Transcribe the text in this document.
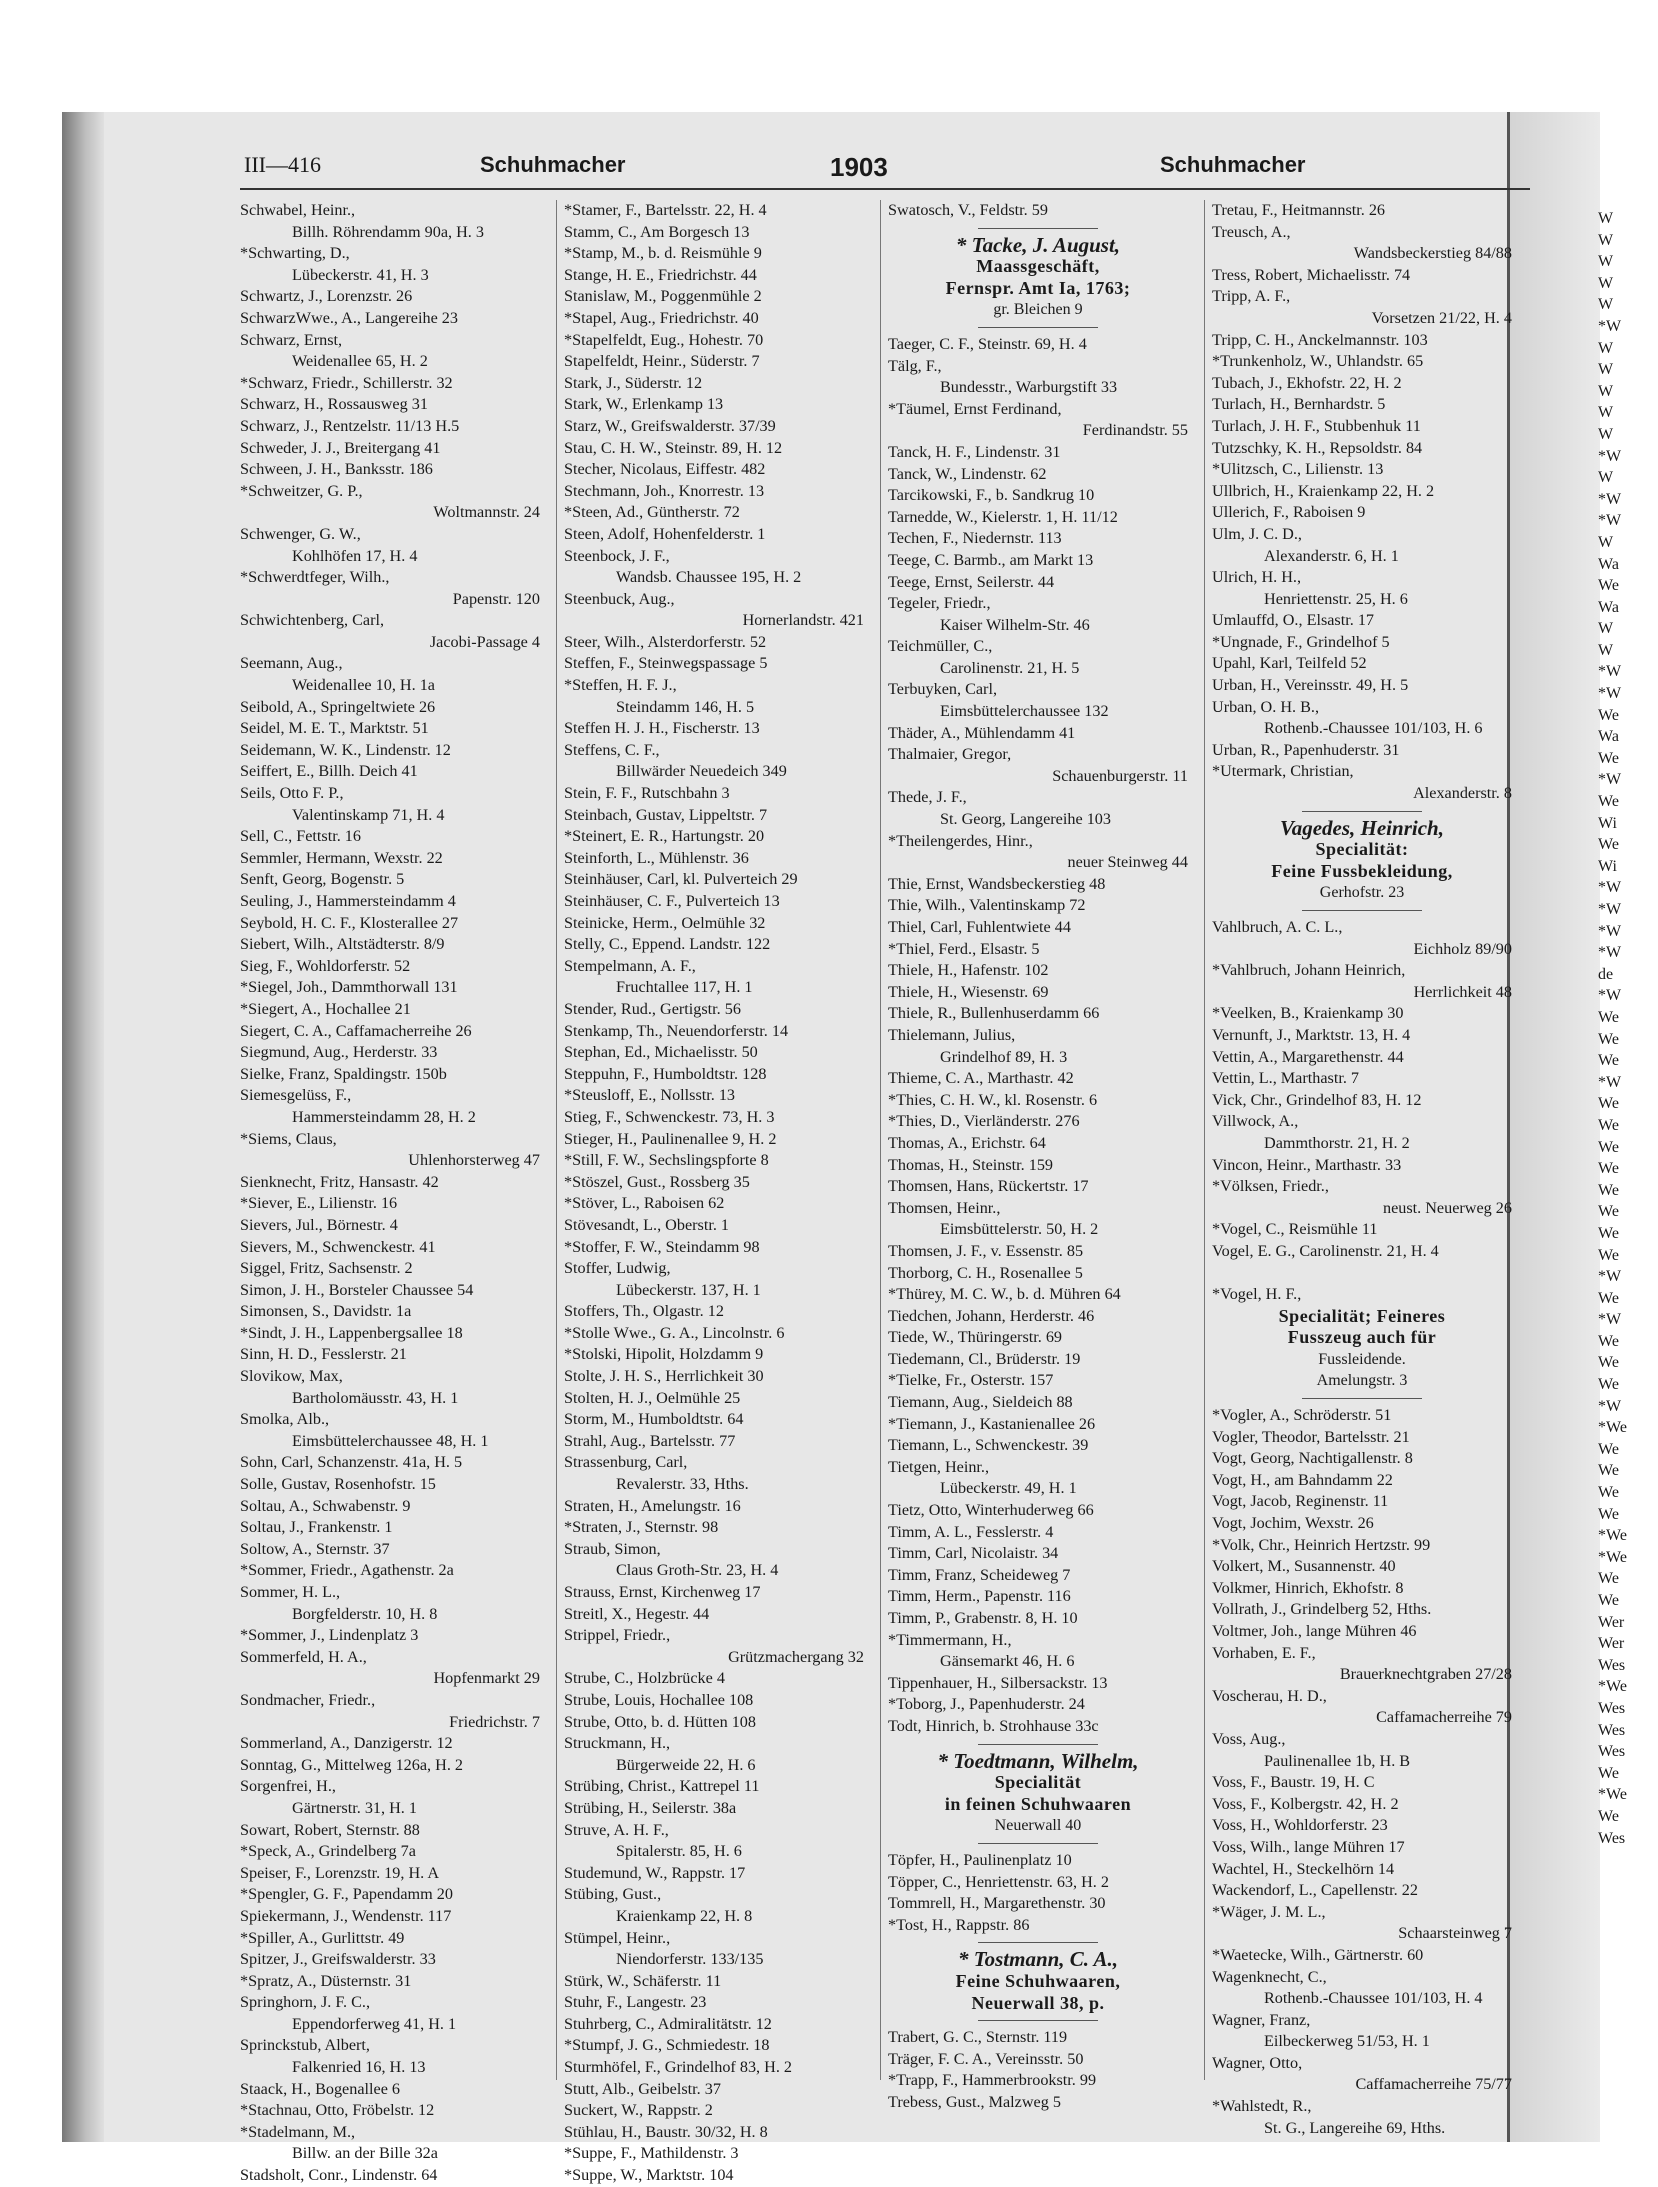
III—416	Schuhmacher	1903	Schuhmacher
Schwabel, Heinr.,
Billh. Röhrendamm 90a, H. 3
*Schwarting, D.,
Lübeckerstr. 41, H. 3
Schwartz, J., Lorenzstr. 26
SchwarzWwe., A., Langereihe 23
Schwarz, Ernst,
Weidenallee 65, H. 2
*Schwarz, Friedr., Schillerstr. 32
Schwarz, H., Rossausweg 31
Schwarz, J., Rentzelstr. 11/13 H.5
Schweder, J. J., Breitergang 41
Schween, J. H., Banksstr. 186
*Schweitzer, G. P.,
Woltmannstr. 24
Schwenger, G. W.,
Kohlhöfen 17, H. 4
*Schwerdtfeger, Wilh.,
Papenstr. 120
Schwichtenberg, Carl,
Jacobi-Passage 4
Seemann, Aug.,
Weidenallee 10, H. 1a
Seibold, A., Springeltwiete 26
Seidel, M. E. T., Marktstr. 51
Seidemann, W. K., Lindenstr. 12
Seiffert, E., Billh. Deich 41
Seils, Otto F. P.,
Valentinskamp 71, H. 4
Sell, C., Fettstr. 16
Semmler, Hermann, Wexstr. 22
Senft, Georg, Bogenstr. 5
Seuling, J., Hammersteindamm 4
Seybold, H. C. F., Klosterallee 27
Siebert, Wilh., Altstädterstr. 8/9
Sieg, F., Wohldorferstr. 52
*Siegel, Joh., Dammthorwall 131
*Siegert, A., Hochallee 21
Siegert, C. A., Caffamacherreihe 26
Siegmund, Aug., Herderstr. 33
Sielke, Franz, Spaldingstr. 150b
Siemesgelüss, F.,
Hammersteindamm 28, H. 2
*Siems, Claus,
Uhlenhorsterweg 47
Sienknecht, Fritz, Hansastr. 42
*Siever, E., Lilienstr. 16
Sievers, Jul., Börnestr. 4
Sievers, M., Schwenckestr. 41
Siggel, Fritz, Sachsenstr. 2
Simon, J. H., Borsteler Chaussee 54
Simonsen, S., Davidstr. 1a
*Sindt, J. H., Lappenbergsallee 18
Sinn, H. D., Fesslerstr. 21
Slovikow, Max,
Bartholomäusstr. 43, H. 1
Smolka, Alb.,
Eimsbüttelerchaussee 48, H. 1
Sohn, Carl, Schanzenstr. 41a, H. 5
Solle, Gustav, Rosenhofstr. 15
Soltau, A., Schwabenstr. 9
Soltau, J., Frankenstr. 1
Soltow, A., Sternstr. 37
*Sommer, Friedr., Agathenstr. 2a
Sommer, H. L.,
Borgfelderstr. 10, H. 8
*Sommer, J., Lindenplatz 3
Sommerfeld, H. A.,
Hopfenmarkt 29
Sondmacher, Friedr.,
Friedrichstr. 7
Sommerland, A., Danzigerstr. 12
Sonntag, G., Mittelweg 126a, H. 2
Sorgenfrei, H.,
Gärtnerstr. 31, H. 1
Sowart, Robert, Sternstr. 88
*Speck, A., Grindelberg 7a
Speiser, F., Lorenzstr. 19, H. A
*Spengler, G. F., Papendamm 20
Spiekermann, J., Wendenstr. 117
*Spiller, A., Gurlittstr. 49
Spitzer, J., Greifswalderstr. 33
*Spratz, A., Düsternstr. 31
Springhorn, J. F. C.,
Eppendorferweg 41, H. 1
Sprinckstub, Albert,
Falkenried 16, H. 13
Staack, H., Bogenallee 6
*Stachnau, Otto, Fröbelstr. 12
*Stadelmann, M.,
Billw. an der Bille 32a
Stadsholt, Conr., Lindenstr. 64
*Stamer, F., Bartelsstr. 22, H. 4
Stamm, C., Am Borgesch 13
*Stamp, M., b. d. Reismühle 9
Stange, H. E., Friedrichstr. 44
Stanislaw, M., Poggenmühle 2
*Stapel, Aug., Friedrichstr. 40
*Stapelfeldt, Eug., Hohestr. 70
Stapelfeldt, Heinr., Süderstr. 7
Stark, J., Süderstr. 12
Stark, W., Erlenkamp 13
Starz, W., Greifswalderstr. 37/39
Stau, C. H. W., Steinstr. 89, H. 12
Stecher, Nicolaus, Eiffestr. 482
Stechmann, Joh., Knorrestr. 13
*Steen, Ad., Güntherstr. 72
Steen, Adolf, Hohenfelderstr. 1
Steenbock, J. F.,
Wandsb. Chaussee 195, H. 2
Steenbuck, Aug.,
Hornerlandstr. 421
Steer, Wilh., Alsterdorferstr. 52
Steffen, F., Steinwegspassage 5
*Steffen, H. F. J.,
Steindamm 146, H. 5
Steffen H. J. H., Fischerstr. 13
Steffens, C. F.,
Billwärder Neuedeich 349
Stein, F. F., Rutschbahn 3
Steinbach, Gustav, Lippeltstr. 7
*Steinert, E. R., Hartungstr. 20
Steinforth, L., Mühlenstr. 36
Steinhäuser, Carl, kl. Pulverteich 29
Steinhäuser, C. F., Pulverteich 13
Steinicke, Herm., Oelmühle 32
Stelly, C., Eppend. Landstr. 122
Stempelmann, A. F.,
Fruchtallee 117, H. 1
Stender, Rud., Gertigstr. 56
Stenkamp, Th., Neuendorferstr. 14
Stephan, Ed., Michaelisstr. 50
Steppuhn, F., Humboldtstr. 128
*Steusloff, E., Nollsstr. 13
Stieg, F., Schwenckestr. 73, H. 3
Stieger, H., Paulinenallee 9, H. 2
*Still, F. W., Sechslingspforte 8
*Stöszel, Gust., Rossberg 35
*Stöver, L., Raboisen 62
Stövesandt, L., Oberstr. 1
*Stoffer, F. W., Steindamm 98
Stoffer, Ludwig,
Lübeckerstr. 137, H. 1
Stoffers, Th., Olgastr. 12
*Stolle Wwe., G. A., Lincolnstr. 6
*Stolski, Hipolit, Holzdamm 9
Stolte, J. H. S., Herrlichkeit 30
Stolten, H. J., Oelmühle 25
Storm, M., Humboldtstr. 64
Strahl, Aug., Bartelsstr. 77
Strassenburg, Carl,
Revalerstr. 33, Hths.
Straten, H., Amelungstr. 16
*Straten, J., Sternstr. 98
Straub, Simon,
Claus Groth-Str. 23, H. 4
Strauss, Ernst, Kirchenweg 17
Streitl, X., Hegestr. 44
Strippel, Friedr.,
Grützmachergang 32
Strube, C., Holzbrücke 4
Strube, Louis, Hochallee 108
Strube, Otto, b. d. Hütten 108
Struckmann, H.,
Bürgerweide 22, H. 6
Strübing, Christ., Kattrepel 11
Strübing, H., Seilerstr. 38a
Struve, A. H. F.,
Spitalerstr. 85, H. 6
Studemund, W., Rappstr. 17
Stübing, Gust.,
Kraienkamp 22, H. 8
Stümpel, Heinr.,
Niendorferstr. 133/135
Stürk, W., Schäferstr. 11
Stuhr, F., Langestr. 23
Stuhrberg, C., Admiralitätstr. 12
*Stumpf, J. G., Schmiedestr. 18
Sturmhöfel, F., Grindelhof 83, H. 2
Stutt, Alb., Geibelstr. 37
Suckert, W., Rappstr. 2
Stühlau, H., Baustr. 30/32, H. 8
*Suppe, F., Mathildenstr. 3
*Suppe, W., Marktstr. 104
Swatosch, V., Feldstr. 59
* Tacke, J. August,
Maassgeschäft,
Fernspr. Amt Ia, 1763;
gr. Bleichen 9
Taeger, C. F., Steinstr. 69, H. 4
Tälg, F.,
Bundesstr., Warburgstift 33
*Täumel, Ernst Ferdinand,
Ferdinandstr. 55
Tanck, H. F., Lindenstr. 31
Tanck, W., Lindenstr. 62
Tarcikowski, F., b. Sandkrug 10
Tarnedde, W., Kielerstr. 1, H. 11/12
Techen, F., Niedernstr. 113
Teege, C. Barmb., am Markt 13
Teege, Ernst, Seilerstr. 44
Tegeler, Friedr.,
Kaiser Wilhelm-Str. 46
Teichmüller, C.,
Carolinenstr. 21, H. 5
Terbuyken, Carl,
Eimsbüttelerchaussee 132
Thäder, A., Mühlendamm 41
Thalmaier, Gregor,
Schauenburgerstr. 11
Thede, J. F.,
St. Georg, Langereihe 103
*Theilengerdes, Hinr.,
neuer Steinweg 44
Thie, Ernst, Wandsbeckerstieg 48
Thie, Wilh., Valentinskamp 72
Thiel, Carl, Fuhlentwiete 44
*Thiel, Ferd., Elsastr. 5
Thiele, H., Hafenstr. 102
Thiele, H., Wiesenstr. 69
Thiele, R., Bullenhuserdamm 66
Thielemann, Julius,
Grindelhof 89, H. 3
Thieme, C. A., Marthastr. 42
*Thies, C. H. W., kl. Rosenstr. 6
*Thies, D., Vierländerstr. 276
Thomas, A., Erichstr. 64
Thomas, H., Steinstr. 159
Thomsen, Hans, Rückertstr. 17
Thomsen, Heinr.,
Eimsbüttelerstr. 50, H. 2
Thomsen, J. F., v. Essenstr. 85
Thorborg, C. H., Rosenallee 5
*Thürey, M. C. W., b. d. Mühren 64
Tiedchen, Johann, Herderstr. 46
Tiede, W., Thüringerstr. 69
Tiedemann, Cl., Brüderstr. 19
*Tielke, Fr., Osterstr. 157
Tiemann, Aug., Sieldeich 88
*Tiemann, J., Kastanienallee 26
Tiemann, L., Schwenckestr. 39
Tietgen, Heinr.,
Lübeckerstr. 49, H. 1
Tietz, Otto, Winterhuderweg 66
Timm, A. L., Fesslerstr. 4
Timm, Carl, Nicolaistr. 34
Timm, Franz, Scheideweg 7
Timm, Herm., Papenstr. 116
Timm, P., Grabenstr. 8, H. 10
*Timmermann, H.,
Gänsemarkt 46, H. 6
Tippenhauer, H., Silbersackstr. 13
*Toborg, J., Papenhuderstr. 24
Todt, Hinrich, b. Strohhause 33c
* Toedtmann, Wilhelm,
Specialität
in feinen Schuhwaaren
Neuerwall 40
Töpfer, H., Paulinenplatz 10
Töpper, C., Henriettenstr. 63, H. 2
Tommrell, H., Margarethenstr. 30
*Tost, H., Rappstr. 86
* Tostmann, C. A.,
Feine Schuhwaaren,
Neuerwall 38, p.
Trabert, G. C., Sternstr. 119
Träger, F. C. A., Vereinsstr. 50
*Trapp, F., Hammerbrookstr. 99
Trebess, Gust., Malzweg 5
Tretau, F., Heitmannstr. 26
Treusch, A.,
Wandsbeckerstieg 84/88
Tress, Robert, Michaelisstr. 74
Tripp, A. F.,
Vorsetzen 21/22, H. 4
Tripp, C. H., Anckelmannstr. 103
*Trunkenholz, W., Uhlandstr. 65
Tubach, J., Ekhofstr. 22, H. 2
Turlach, H., Bernhardstr. 5
Turlach, J. H. F., Stubbenhuk 11
Tutzschky, K. H., Repsoldstr. 84
*Ulitzsch, C., Lilienstr. 13
Ullbrich, H., Kraienkamp 22, H. 2
Ullerich, F., Raboisen 9
Ulm, J. C. D.,
Alexanderstr. 6, H. 1
Ulrich, H. H.,
Henriettenstr. 25, H. 6
Umlauffd, O., Elsastr. 17
*Ungnade, F., Grindelhof 5
Upahl, Karl, Teilfeld 52
Urban, H., Vereinsstr. 49, H. 5
Urban, O. H. B.,
Rothenb.-Chaussee 101/103, H. 6
Urban, R., Papenhuderstr. 31
*Utermark, Christian,
Alexanderstr. 8
Vagedes, Heinrich,
Specialität:
Feine Fussbekleidung,
Gerhofstr. 23
Vahlbruch, A. C. L.,
Eichholz 89/90
*Vahlbruch, Johann Heinrich,
Herrlichkeit 48
*Veelken, B., Kraienkamp 30
Vernunft, J., Marktstr. 13, H. 4
Vettin, A., Margarethenstr. 44
Vettin, L., Marthastr. 7
Vick, Chr., Grindelhof 83, H. 12
Villwock, A.,
Dammthorstr. 21, H. 2
Vincon, Heinr., Marthastr. 33
*Völksen, Friedr.,
neust. Neuerweg 26
*Vogel, C., Reismühle 11
Vogel, E. G., Carolinenstr. 21, H. 4
*Vogel, H. F.,
Specialität; Feineres
Fusszeug auch für
Fussleidende.
Amelungstr. 3
*Vogler, A., Schröderstr. 51
Vogler, Theodor, Bartelsstr. 21
Vogt, Georg, Nachtigallenstr. 8
Vogt, H., am Bahndamm 22
Vogt, Jacob, Reginenstr. 11
Vogt, Jochim, Wexstr. 26
*Volk, Chr., Heinrich Hertzstr. 99
Volkert, M., Susannenstr. 40
Volkmer, Hinrich, Ekhofstr. 8
Vollrath, J., Grindelberg 52, Hths.
Voltmer, Joh., lange Mühren 46
Vorhaben, E. F.,
Brauerknechtgraben 27/28
Voscherau, H. D.,
Caffamacherreihe 79
Voss, Aug.,
Paulinenallee 1b, H. B
Voss, F., Baustr. 19, H. C
Voss, F., Kolbergstr. 42, H. 2
Voss, H., Wohldorferstr. 23
Voss, Wilh., lange Mühren 17
Wachtel, H., Steckelhörn 14
Wackendorf, L., Capellenstr. 22
*Wäger, J. M. L.,
Schaarsteinweg 7
*Waetecke, Wilh., Gärtnerstr. 60
Wagenknecht, C.,
Rothenb.-Chaussee 101/103, H. 4
Wagner, Franz,
Eilbeckerweg 51/53, H. 1
Wagner, Otto,
Caffamacherreihe 75/77
*Wahlstedt, R.,
St. G., Langereihe 69, Hths.
W
W
W
W
W
*W
W
W
W
W
W
*W
W
*W
*W
W
Wa
We
Wa
W
W
*W
*W
We
Wa
We
*W
We
Wi
We
Wi
*W
*W
*W
*W
de
*W
We
We
We
*W
We
We
We
We
We
We
We
We
*W
We
*W
We
We
We
*W
*We
We
We
We
We
*We
*We
We
We
Wer
Wer
Wes
*We
Wes
Wes
Wes
We
*We
We
Wes
